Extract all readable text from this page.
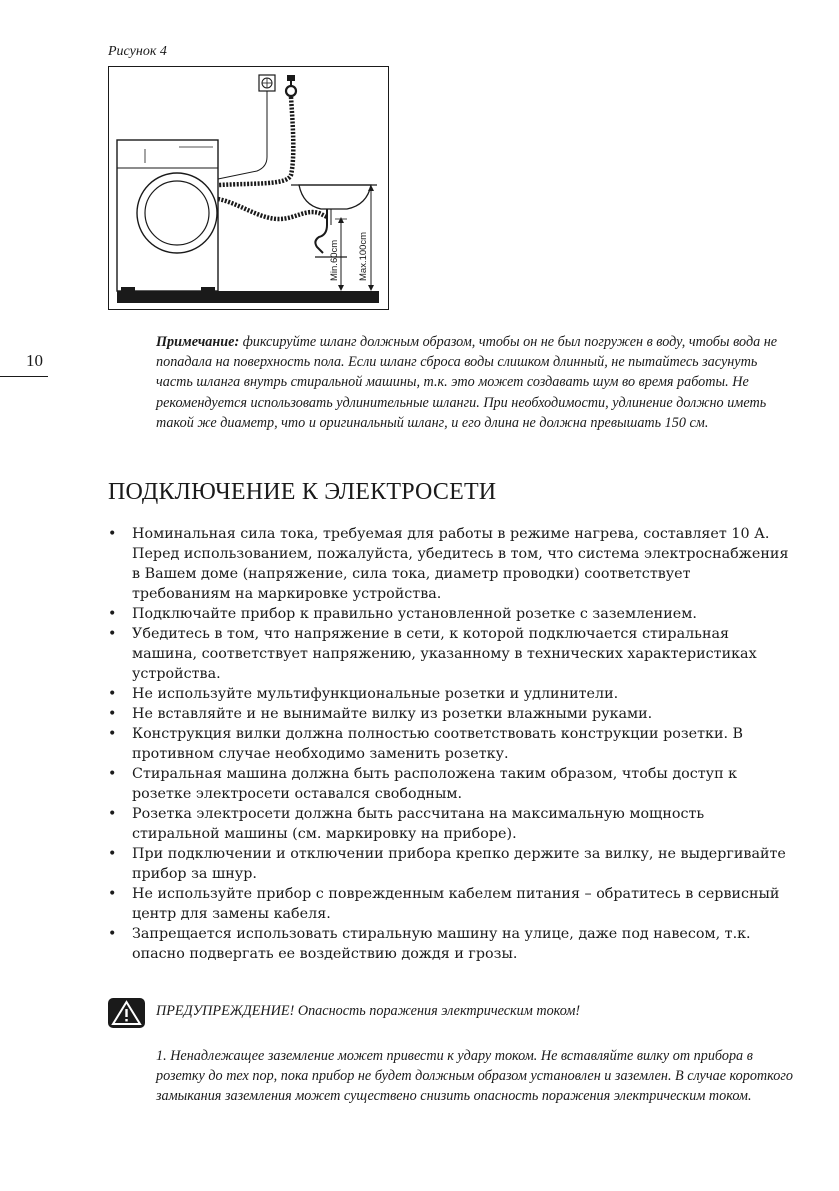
Рисунок 4
Min.60cm Max.100cm
10
Примечание: фиксируйте шланг должным образом, чтобы он не был погружен в воду, чтобы вода не попадала на поверхность пола. Если шланг сброса воды слишком длинный, не пытайтесь засунуть часть шланга внутрь стиральной машины, т.к. это может создавать шум во время работы. Не рекомендуется использовать удлинительные шланги. При необходимости, удлинение должно иметь такой же диаметр, что и оригинальный шланг, и его длина не должна превышать 150 см.
ПОДКЛЮЧЕНИЕ К ЭЛЕКТРОСЕТИ
• Номинальная сила тока, требуемая для работы в режиме нагрева, составляет 10 А. Перед использованием, пожалуйста, убедитесь в том, что система электроснабжения в Вашем доме (напряжение, сила тока, диаметр проводки) соответствует требованиям на маркировке устройства.
• Подключайте прибор к правильно установленной розетке с заземлением.
• Убедитесь в том, что напряжение в сети, к которой подключается стиральная машина, соответствует напряжению, указанному в технических характеристиках устройства.
• Не используйте мультифункциональные розетки и удлинители.
• Не вставляйте и не вынимайте вилку из розетки влажными руками.
• Конструкция вилки должна полностью соответствовать конструкции розетки. В противном случае необходимо заменить розетку.
• Стиральная машина должна быть расположена таким образом, чтобы доступ к розетке электросети оставался свободным.
• Розетка электросети должна быть рассчитана на максимальную мощность стиральной машины (см. маркировку на приборе).
• При подключении и отключении прибора крепко держите за вилку, не выдергивайте прибор за шнур.
• Не используйте прибор с поврежденным кабелем питания – обратитесь в сервисный центр для замены кабеля.
• Запрещается использовать стиральную машину на улице, даже под навесом, т.к. опасно подвергать ее воздействию дождя и грозы.
ПРЕДУПРЕЖДЕНИЕ! Опасность поражения электрическим током!
1. Ненадлежащее заземление может привести к удару током. Не вставляйте вилку от прибора в розетку до тех пор, пока прибор не будет должным образом установлен и заземлен. В случае короткого замыкания заземления может существено снизить опасность поражения электрическим током.
